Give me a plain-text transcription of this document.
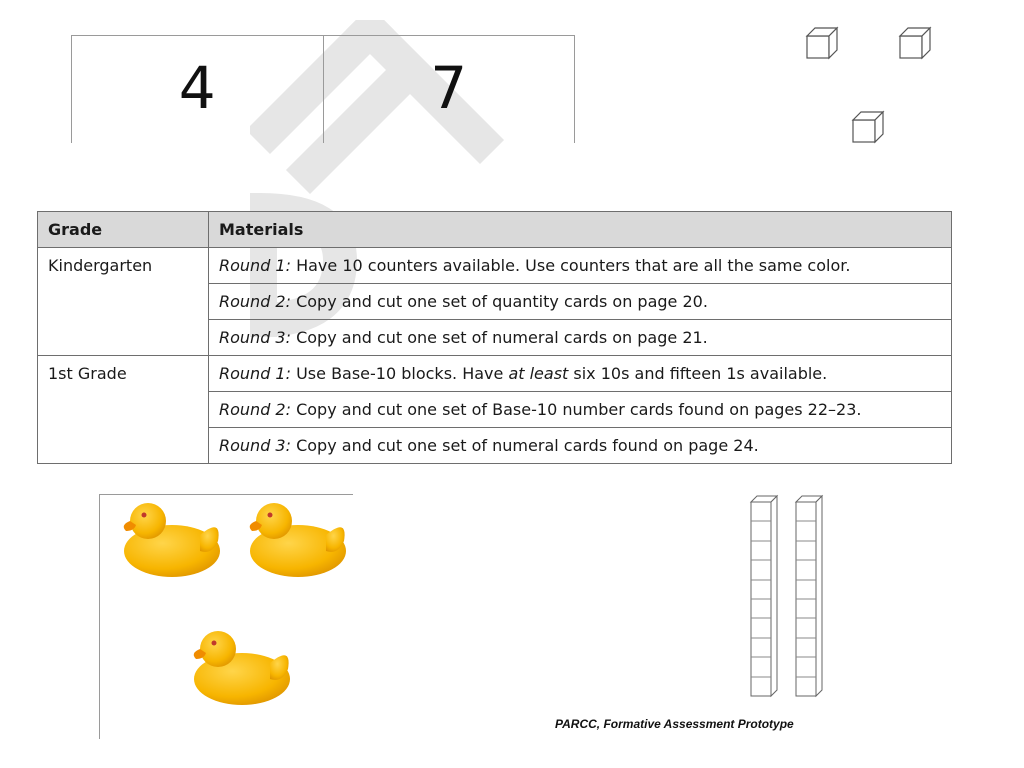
4	7
Grade	Materials
Kindergarten	Round 1: Have 10 counters available. Use counters that are all the same color.
	Round 2: Copy and cut one set of quantity cards on page 20.
	Round 3: Copy and cut one set of numeral cards on page 21.
1st Grade	Round 1: Use Base-10 blocks. Have at least six 10s and fifteen 1s available.
	Round 2: Copy and cut one set of Base-10 number cards found on pages 22–23.
	Round 3: Copy and cut one set of numeral cards found on page 24.
PARCC, Formative Assessment Prototype
